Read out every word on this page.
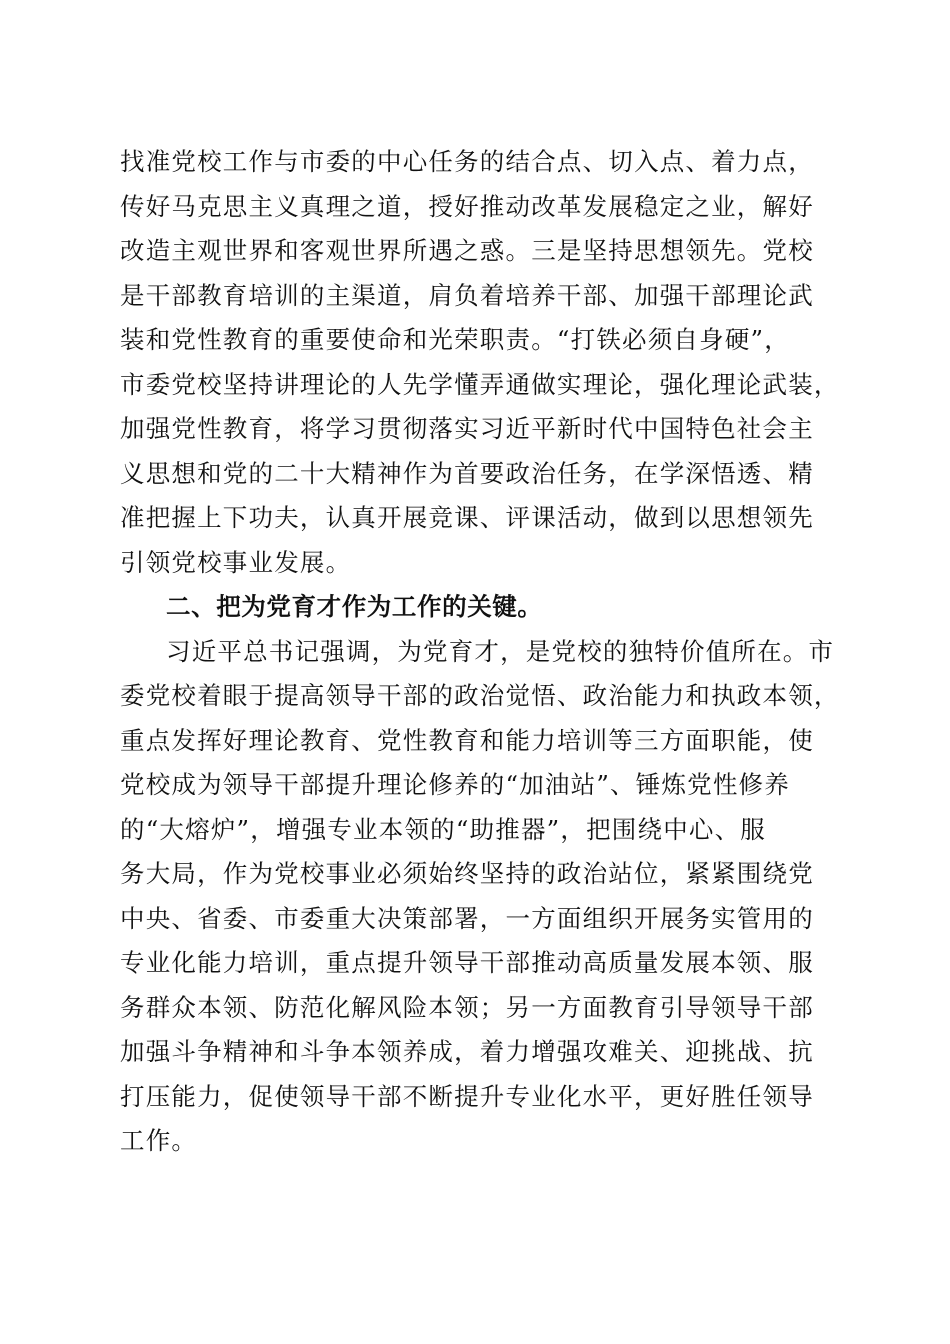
找准党校工作与市委的中心任务的结合点、切入点、着力点，
传好马克思主义真理之道，授好推动改革发展稳定之业，解好
改造主观世界和客观世界所遇之惑。三是坚持思想领先。党校
是干部教育培训的主渠道，肩负着培养干部、加强干部理论武
装和党性教育的重要使命和光荣职责。“打铁必须自身硬”，
市委党校坚持讲理论的人先学懂弄通做实理论，强化理论武装，
加强党性教育，将学习贯彻落实习近平新时代中国特色社会主
义思想和党的二十大精神作为首要政治任务，在学深悟透、精
准把握上下功夫，认真开展竞课、评课活动，做到以思想领先
引领党校事业发展。
二、把为党育才作为工作的关键。
习近平总书记强调，为党育才，是党校的独特价值所在。市
委党校着眼于提高领导干部的政治觉悟、政治能力和执政本领，
重点发挥好理论教育、党性教育和能力培训等三方面职能，使
党校成为领导干部提升理论修养的“加油站”、锤炼党性修养
的“大熔炉”，增强专业本领的“助推器”，把围绕中心、服
务大局，作为党校事业必须始终坚持的政治站位，紧紧围绕党
中央、省委、市委重大决策部署，一方面组织开展务实管用的
专业化能力培训，重点提升领导干部推动高质量发展本领、服
务群众本领、防范化解风险本领；另一方面教育引导领导干部
加强斗争精神和斗争本领养成，着力增强攻难关、迎挑战、抗
打压能力，促使领导干部不断提升专业化水平，更好胜任领导
工作。
